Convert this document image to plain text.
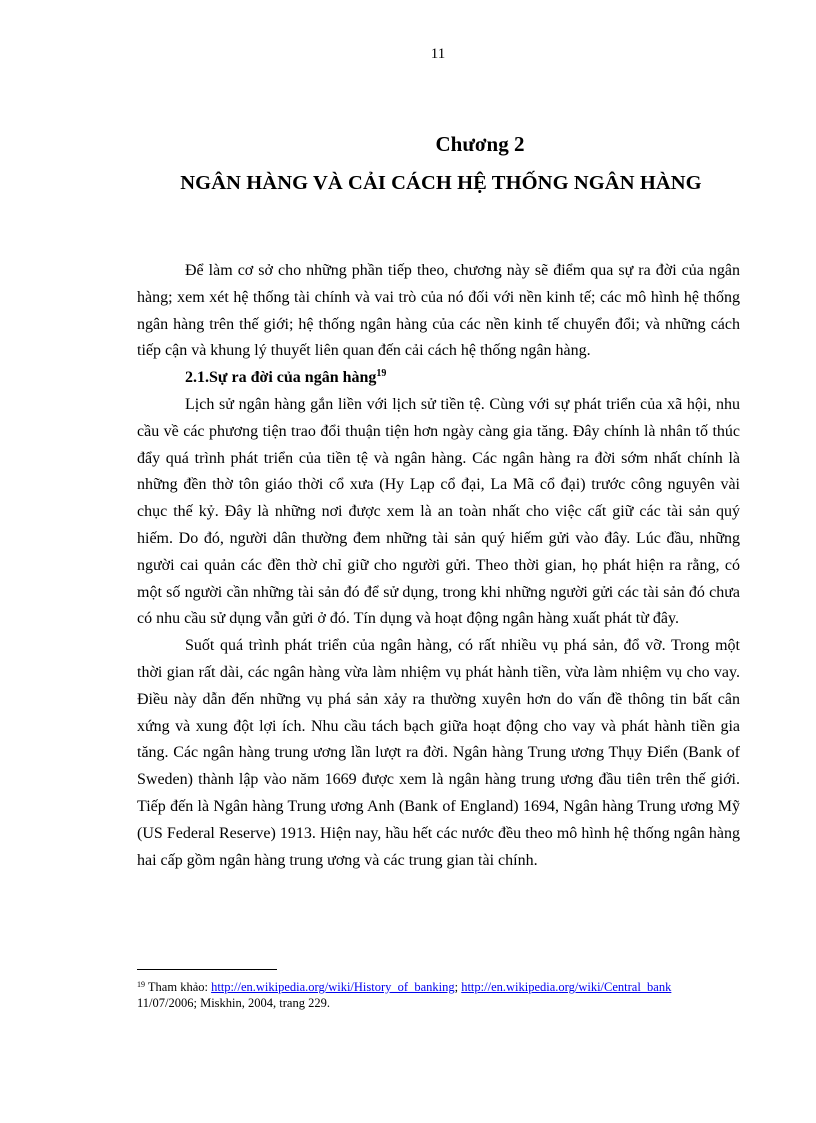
11
Chương 2
NGÂN HÀNG VÀ CẢI CÁCH HỆ THỐNG NGÂN HÀNG

Để làm cơ sở cho những phần tiếp theo, chương này sẽ điểm qua sự ra đời của ngân hàng; xem xét hệ thống tài chính và vai trò của nó đối với nền kinh tế; các mô hình hệ thống ngân hàng trên thế giới; hệ thống ngân hàng của các nền kinh tế chuyển đổi; và những cách tiếp cận và khung lý thuyết liên quan đến cải cách hệ thống ngân hàng.

2.1.Sự ra đời của ngân hàng$^{19}$

Lịch sử ngân hàng gắn liền với lịch sử tiền tệ. Cùng với sự phát triển của xã hội, nhu cầu về các phương tiện trao đổi thuận tiện hơn ngày càng gia tăng. Đây chính là nhân tố thúc đẩy quá trình phát triển của tiền tệ và ngân hàng. Các ngân hàng ra đời sớm nhất chính là những đền thờ tôn giáo thời cổ xưa (Hy Lạp cổ đại, La Mã cổ đại) trước công nguyên vài chục thế kỷ. Đây là những nơi được xem là an toàn nhất cho việc cất giữ các tài sản quý hiếm. Do đó, người dân thường đem những tài sản quý hiếm gửi vào đây. Lúc đầu, những người cai quản các đền thờ chỉ giữ cho người gửi. Theo thời gian, họ phát hiện ra rằng, có một số người cần những tài sản đó để sử dụng, trong khi những người gửi các tài sản đó chưa có nhu cầu sử dụng vẫn gửi ở đó. Tín dụng và hoạt động ngân hàng xuất phát từ đây.

Suốt quá trình phát triển của ngân hàng, có rất nhiều vụ phá sản, đổ vỡ. Trong một thời gian rất dài, các ngân hàng vừa làm nhiệm vụ phát hành tiền, vừa làm nhiệm vụ cho vay. Điều này dẫn đến những vụ phá sản xảy ra thường xuyên hơn do vấn đề thông tin bất cân xứng và xung đột lợi ích. Nhu cầu tách bạch giữa hoạt động cho vay và phát hành tiền gia tăng. Các ngân hàng trung ương lần lượt ra đời. Ngân hàng Trung ương Thụy Điển (Bank of Sweden) thành lập vào năm 1669 được xem là ngân hàng trung ương đầu tiên trên thế giới. Tiếp đến là Ngân hàng Trung ương Anh (Bank of England) 1694, Ngân hàng Trung ương Mỹ (US Federal Reserve) 1913. Hiện nay, hầu hết các nước đều theo mô hình hệ thống ngân hàng hai cấp gồm ngân hàng trung ương và các trung gian tài chính.

$^{19}$ Tham khảo: http://en.wikipedia.org/wiki/History_of_banking; http://en.wikipedia.org/wiki/Central_bank
11/07/2006; Miskhin, 2004, trang 229.
